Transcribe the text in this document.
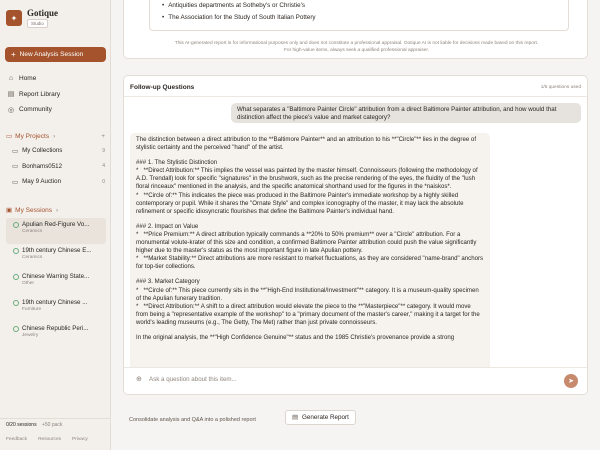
✦	Gotique
Studio
+ New Analysis Session
⌂ Home
▤ Report Library
◎ Community
▭ My Projects ›	+
▭ My Collections	9
▭ Bonhams0512	4
▭ May 9 Auction	0
▣ My Sessions ›
Apulian Red-Figure Vo...
Ceramics
19th century Chinese E...
Ceramics
Chinese Warring State...
Other
19th century Chinese ...
Furniture
Chinese Republic Peri...
Jewelry
0/20 sessions +50 pack
Feedback Resources Privacy
• Antiquities departments at Sotheby's or Christie's
• The Association for the Study of South Italian Pottery
This AI-generated report is for informational purposes only and does not constitute a professional appraisal. Gotique AI is not liable for decisions made based on this report.
For high-value items, always seek a qualified professional appraiser.
Follow-up Questions	1/5 questions used
What separates a "Baltimore Painter Circle" attribution from a direct Baltimore Painter attribution, and how would that distinction affect the piece's value and market category?

The distinction between a direct attribution to the **Baltimore Painter** and an attribution to his **"Circle"** lies in the degree of stylistic certainty and the perceived "hand" of the artist.

### 1. The Stylistic Distinction
*   **Direct Attribution:** This implies the vessel was painted by the master himself. Connoisseurs (following the methodology of A.D. Trendall) look for specific "signatures" in the brushwork, such as the precise rendering of the eyes, the fluidity of the "lush floral rinceaux" mentioned in the analysis, and the specific anatomical shorthand used for the figures in the *naiskos*.
*   **Circle of:** This indicates the piece was produced in the Baltimore Painter's immediate workshop by a highly skilled contemporary or pupil. While it shares the "Ornate Style" and complex iconography of the master, it may lack the absolute refinement or specific idiosyncratic flourishes that define the Baltimore Painter's individual hand.

### 2. Impact on Value
*   **Price Premium:** A direct attribution typically commands a **20% to 50% premium** over a "Circle" attribution. For a monumental volute-krater of this size and condition, a confirmed Baltimore Painter attribution could push the value significantly higher due to the master's status as the most important figure in late Apulian pottery.
*   **Market Stability:** Direct attributions are more resistant to market fluctuations, as they are considered "name-brand" anchors for top-tier collections.

### 3. Market Category
*   **Circle of:** This piece currently sits in the **"High-End Institutional/Investment"** category. It is a museum-quality specimen of the Apulian funerary tradition.
*   **Direct Attribution:** A shift to a direct attribution would elevate the piece to the **"Masterpiece"** category. It would move from being a "representative example of the workshop" to a "primary document of the master's career," making it a target for the world's leading museums (e.g., The Getty, The Met) rather than just private connoisseurs.

In the original analysis, the **"High Confidence Genuine"** status and the 1985 Christie's provenance provide a strong

⊕ Ask a question about this item...	➤
Consolidate analysis and Q&A into a polished report	▤ Generate Report
